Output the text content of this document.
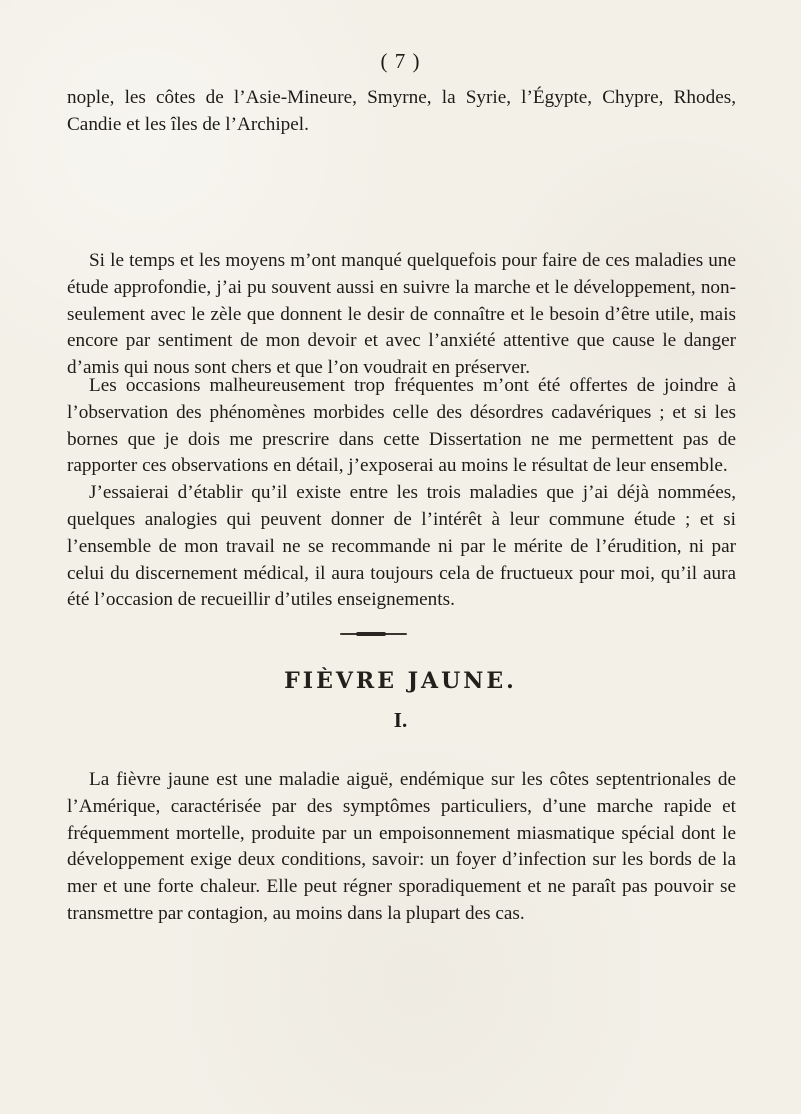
( 7 )

nople, les côtes de l’Asie-Mineure, Smyrne, la Syrie, l’Égypte, Chypre, Rhodes, Candie et les îles de l’Archipel.

Si le temps et les moyens m’ont manqué quelquefois pour faire de ces maladies une étude approfondie, j’ai pu souvent aussi en suivre la marche et le développement, non-seulement avec le zèle que donnent le desir de connaître et le besoin d’être utile, mais encore par sentiment de mon devoir et avec l’anxiété attentive que cause le danger d’amis qui nous sont chers et que l’on voudrait en préserver.

Les occasions malheureusement trop fréquentes m’ont été offertes de joindre à l’observation des phénomènes morbides celle des désordres cadavériques ; et si les bornes que je dois me prescrire dans cette Dissertation ne me permettent pas de rapporter ces observations en détail, j’exposerai au moins le résultat de leur ensemble.

J’essaierai d’établir qu’il existe entre les trois maladies que j’ai déjà nommées, quelques analogies qui peuvent donner de l’intérêt à leur commune étude ; et si l’ensemble de mon travail ne se recommande ni par le mérite de l’érudition, ni par celui du discernement médical, il aura toujours cela de fructueux pour moi, qu’il aura été l’occasion de recueillir d’utiles enseignements.

FIÈVRE JAUNE.
I.

La fièvre jaune est une maladie aiguë, endémique sur les côtes septentrionales de l’Amérique, caractérisée par des symptômes particuliers, d’une marche rapide et fréquemment mortelle, produite par un empoisonnement miasmatique spécial dont le développement exige deux conditions, savoir: un foyer d’infection sur les bords de la mer et une forte chaleur. Elle peut régner sporadiquement et ne paraît pas pouvoir se transmettre par contagion, au moins dans la plupart des cas.
